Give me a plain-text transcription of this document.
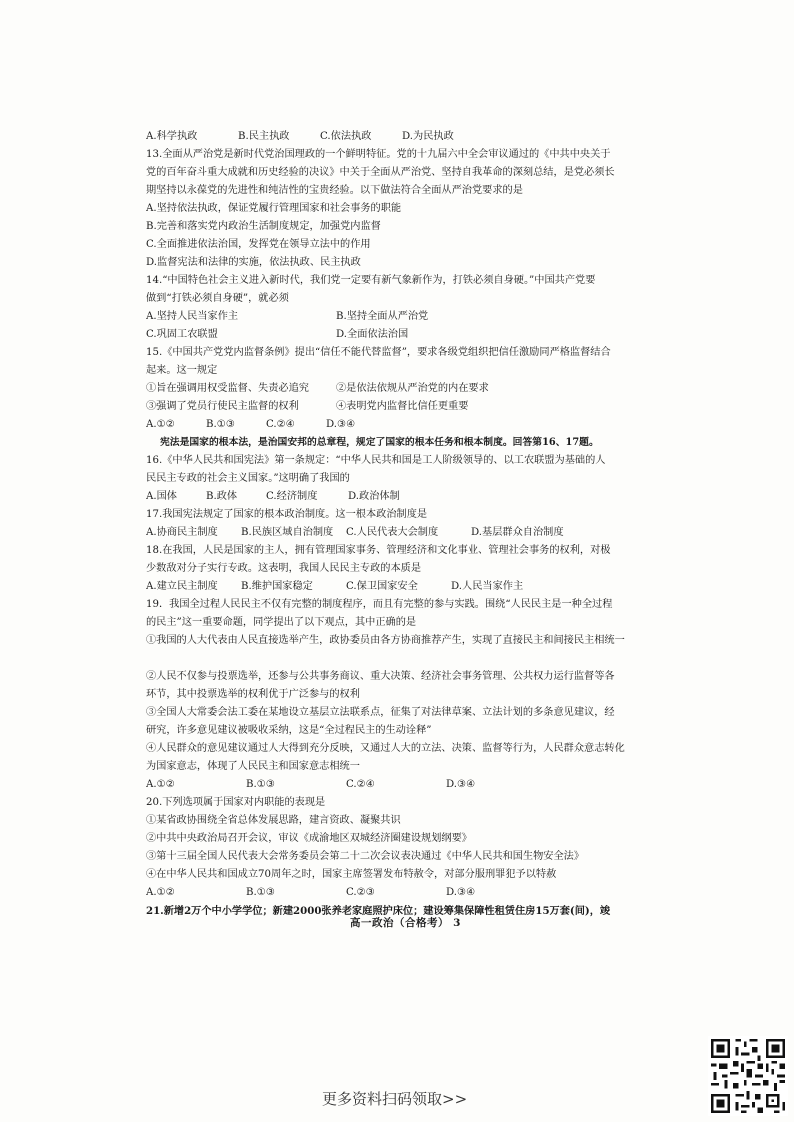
A.科学执政	B.民主执政	C.依法执政	D.为民执政
13.全面从严治党是新时代党治国理政的一个鲜明特征。党的十九届六中全会审议通过的《中共中央关于
党的百年奋斗重大成就和历史经验的决议》中关于全面从严治党、坚持自我革命的深刻总结，是党必须长
期坚持以永葆党的先进性和纯洁性的宝贵经验。以下做法符合全面从严治党要求的是
A.坚持依法执政，保证党履行管理国家和社会事务的职能
B.完善和落实党内政治生活制度规定，加强党内监督
C.全面推进依法治国，发挥党在领导立法中的作用
D.监督宪法和法律的实施，依法执政、民主执政
14.“中国特色社会主义进入新时代，我们党一定要有新气象新作为，打铁必须自身硬。”中国共产党要
做到“打铁必须自身硬”，就必须
A.坚持人民当家作主	B.坚持全面从严治党
C.巩固工农联盟	D.全面依法治国
15.《中国共产党党内监督条例》提出“信任不能代替监督”，要求各级党组织把信任激励同严格监督结合
起来。这一规定
①旨在强调用权受监督、失责必追究	②是依法依规从严治党的内在要求
③强调了党员行使民主监督的权利	④表明党内监督比信任更重要
A.①②	B.①③	C.②④	D.③④
宪法是国家的根本法，是治国安邦的总章程，规定了国家的根本任务和根本制度。回答第16、17题。
16.《中华人民共和国宪法》第一条规定：“中华人民共和国是工人阶级领导的、以工农联盟为基础的人
民民主专政的社会主义国家。”这明确了我国的
A.国体	B.政体	C.经济制度	D.政治体制
17.我国宪法规定了国家的根本政治制度。这一根本政治制度是
A.协商民主制度 B.民族区域自治制度 C.人民代表大会制度	D.基层群众自治制度
18.在我国，人民是国家的主人，拥有管理国家事务、管理经济和文化事业、管理社会事务的权利，对极
少数敌对分子实行专政。这表明，我国人民民主专政的本质是
A.建立民主制度 B.维护国家稳定	C.保卫国家安全	D.人民当家作主
19．我国全过程人民民主不仅有完整的制度程序，而且有完整的参与实践。围绕“人民民主是一种全过程
的民主”这一重要命题，同学提出了以下观点，其中正确的是
①我国的人大代表由人民直接选举产生，政协委员由各方协商推荐产生，实现了直接民主和间接民主相统一
②人民不仅参与投票选举，还参与公共事务商议、重大决策、经济社会事务管理、公共权力运行监督等各
环节，其中投票选举的权利优于广泛参与的权利
③全国人大常委会法工委在某地设立基层立法联系点，征集了对法律草案、立法计划的多条意见建议，经
研究，许多意见建议被吸收采纳，这是“全过程民主的生动诠释”
④人民群众的意见建议通过人大得到充分反映，又通过人大的立法、决策、监督等行为，人民群众意志转化
为国家意志，体现了人民民主和国家意志相统一
A.①②	B.①③	C.②④	D.③④
20.下列选项属于国家对内职能的表现是
①某省政协围绕全省总体发展思路，建言资政、凝聚共识
②中共中央政治局召开会议，审议《成渝地区双城经济圈建设规划纲要》
③第十三届全国人民代表大会常务委员会第二十二次会议表决通过《中华人民共和国生物安全法》
④在中华人民共和国成立70周年之时，国家主席签署发布特赦令，对部分服刑罪犯予以特赦
A.①②	B.①③	C.②③	D.③④
21.新增2万个中小学学位；新建2000张养老家庭照护床位；建设筹集保障性租赁住房15万套(间)，竣
高一政治（合格考） 3
更多资料扫码领取>>
